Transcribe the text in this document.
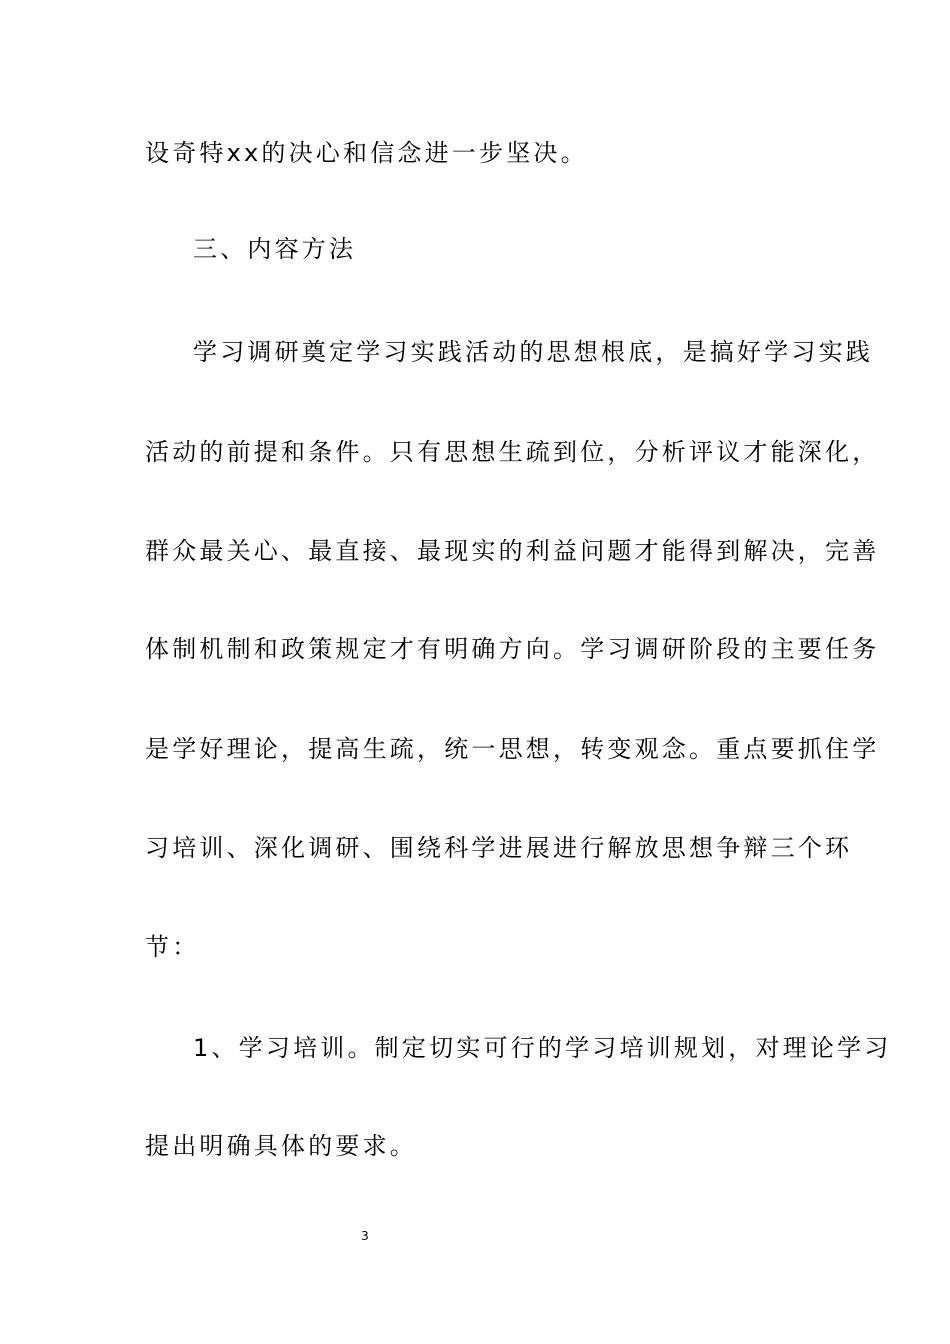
设奇特xx的决心和信念进一步坚决。
三、内容方法
学习调研奠定学习实践活动的思想根底，是搞好学习实践
活动的前提和条件。只有思想生疏到位，分析评议才能深化，
群众最关心、最直接、最现实的利益问题才能得到解决，完善
体制机制和政策规定才有明确方向。学习调研阶段的主要任务
是学好理论，提高生疏，统一思想，转变观念。重点要抓住学
习培训、深化调研、围绕科学进展进行解放思想争辩三个环
节：
1、学习培训。制定切实可行的学习培训规划，对理论学习
提出明确具体的要求。
3
